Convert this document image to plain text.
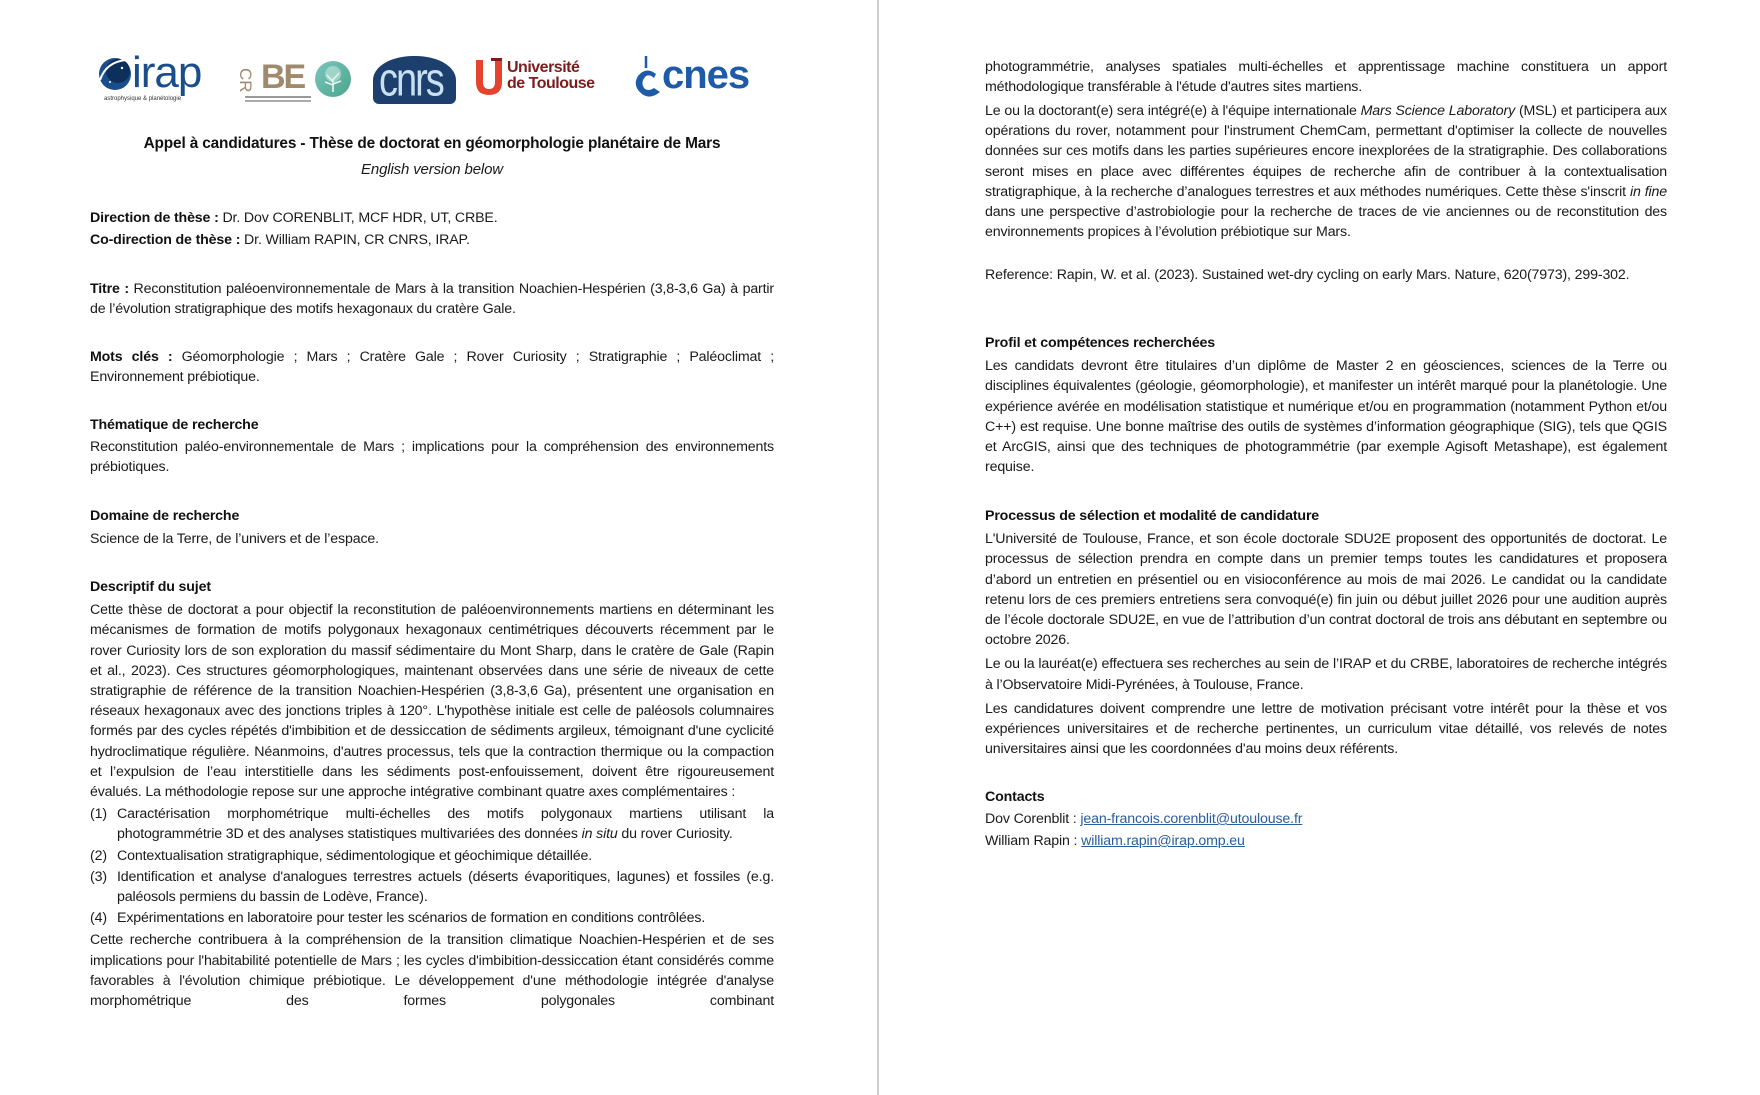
irap
astrophysique & planétologie
CR BE cnrs	Université
de Toulouse cnes
Appel à candidatures - Thèse de doctorat en géomorphologie planétaire de Mars
English version below
Direction de thèse : Dr. Dov CORENBLIT, MCF HDR, UT, CRBE.
Co-direction de thèse : Dr. William RAPIN, CR CNRS, IRAP.
Titre : Reconstitution paléoenvironnementale de Mars à la transition Noachien-Hespérien (3,8-3,6 Ga) à partir de l’évolution stratigraphique des motifs hexagonaux du cratère Gale.
Mots clés : Géomorphologie ; Mars ; Cratère Gale ; Rover Curiosity ; Stratigraphie ; Paléoclimat ; Environnement prébiotique.

Thématique de recherche

Reconstitution paléo-environnementale de Mars ; implications pour la compréhension des environnements prébiotiques.

Domaine de recherche

Science de la Terre, de l’univers et de l’espace.

Descriptif du sujet

Cette thèse de doctorat a pour objectif la reconstitution de paléoenvironnements martiens en déterminant les mécanismes de formation de motifs polygonaux hexagonaux centimétriques découverts récemment par le rover Curiosity lors de son exploration du massif sédimentaire du Mont Sharp, dans le cratère de Gale (Rapin et al., 2023). Ces structures géomorphologiques, maintenant observées dans une série de niveaux de cette stratigraphie de référence de la transition Noachien-Hespérien (3,8-3,6 Ga), présentent une organisation en réseaux hexagonaux avec des jonctions triples à 120°. L'hypothèse initiale est celle de paléosols columnaires formés par des cycles répétés d'imbibition et de dessiccation de sédiments argileux, témoignant d'une cyclicité hydroclimatique régulière. Néanmoins, d'autres processus, tels que la contraction thermique ou la compaction et l’expulsion de l’eau interstitielle dans les sédiments post-enfouissement, doivent être rigoureusement évalués. La méthodologie repose sur une approche intégrative combinant quatre axes complémentaires :

(1) Caractérisation morphométrique multi-échelles des motifs polygonaux martiens utilisant la photogrammétrie 3D et des analyses statistiques multivariées des données in situ du rover Curiosity.
(2) Contextualisation stratigraphique, sédimentologique et géochimique détaillée.
(3) Identification et analyse d'analogues terrestres actuels (déserts évaporitiques, lagunes) et fossiles (e.g. paléosols permiens du bassin de Lodève, France).
(4) Expérimentations en laboratoire pour tester les scénarios de formation en conditions contrôlées.

Cette recherche contribuera à la compréhension de la transition climatique Noachien-Hespérien et de ses implications pour l'habitabilité potentielle de Mars ; les cycles d'imbibition-dessiccation étant considérés comme favorables à l'évolution chimique prébiotique. Le développement d'une méthodologie intégrée d'analyse morphométrique des formes polygonales combinant

photogrammétrie, analyses spatiales multi-échelles et apprentissage machine constituera un apport méthodologique transférable à l'étude d'autres sites martiens.

Le ou la doctorant(e) sera intégré(e) à l'équipe internationale Mars Science Laboratory (MSL) et participera aux opérations du rover, notamment pour l'instrument ChemCam, permettant d'optimiser la collecte de nouvelles données sur ces motifs dans les parties supérieures encore inexplorées de la stratigraphie. Des collaborations seront mises en place avec différentes équipes de recherche afin de contribuer à la contextualisation stratigraphique, à la recherche d’analogues terrestres et aux méthodes numériques. Cette thèse s'inscrit in fine dans une perspective d’astrobiologie pour la recherche de traces de vie anciennes ou de reconstitution des environnements propices à l’évolution prébiotique sur Mars.

Reference: Rapin, W. et al. (2023). Sustained wet-dry cycling on early Mars. Nature, 620(7973), 299-302.

Profil et compétences recherchées

Les candidats devront être titulaires d’un diplôme de Master 2 en géosciences, sciences de la Terre ou disciplines équivalentes (géologie, géomorphologie), et manifester un intérêt marqué pour la planétologie. Une expérience avérée en modélisation statistique et numérique et/ou en programmation (notamment Python et/ou C++) est requise. Une bonne maîtrise des outils de systèmes d’information géographique (SIG), tels que QGIS et ArcGIS, ainsi que des techniques de photogrammétrie (par exemple Agisoft Metashape), est également requise.

Processus de sélection et modalité de candidature

L'Université de Toulouse, France, et son école doctorale SDU2E proposent des opportunités de doctorat. Le processus de sélection prendra en compte dans un premier temps toutes les candidatures et proposera d’abord un entretien en présentiel ou en visioconférence au mois de mai 2026. Le candidat ou la candidate retenu lors de ces premiers entretiens sera convoqué(e) fin juin ou début juillet 2026 pour une audition auprès de l’école doctorale SDU2E, en vue de l’attribution d’un contrat doctoral de trois ans débutant en septembre ou octobre 2026.

Le ou la lauréat(e) effectuera ses recherches au sein de l’IRAP et du CRBE, laboratoires de recherche intégrés à l’Observatoire Midi-Pyrénées, à Toulouse, France.

Les candidatures doivent comprendre une lettre de motivation précisant votre intérêt pour la thèse et vos expériences universitaires et de recherche pertinentes, un curriculum vitae détaillé, vos relevés de notes universitaires ainsi que les coordonnées d'au moins deux référents.

Contacts

Dov Corenblit : jean-francois.corenblit@utoulouse.fr

William Rapin : william.rapin@irap.omp.eu
